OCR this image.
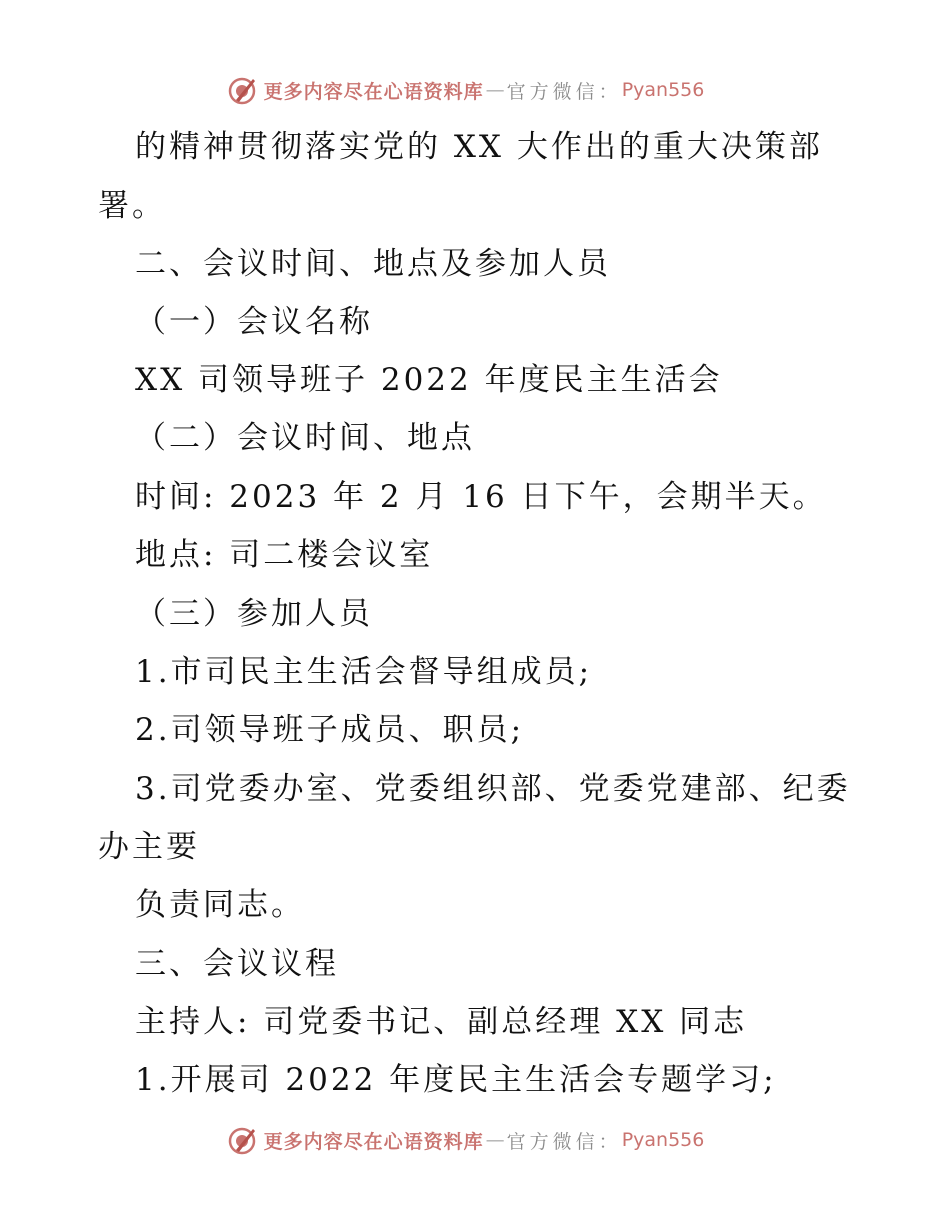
更多内容尽在心语资料库 — 官方微信： Pyan556
的精神贯彻落实党的 XX 大作出的重大决策部
署。
二、会议时间、地点及参加人员
（一）会议名称
XX 司领导班子 2022 年度民主生活会
（二）会议时间、地点
时间: 2023 年 2 月 16 日下午，会期半天。
地点: 司二楼会议室
（三）参加人员
1.市司民主生活会督导组成员;
2.司领导班子成员、职员;
3.司党委办室、党委组织部、党委党建部、纪委
办主要
负责同志。
三、会议议程
主持人: 司党委书记、副总经理 XX 同志
1.开展司 2022 年度民主生活会专题学习;
更多内容尽在心语资料库 — 官方微信： Pyan556
